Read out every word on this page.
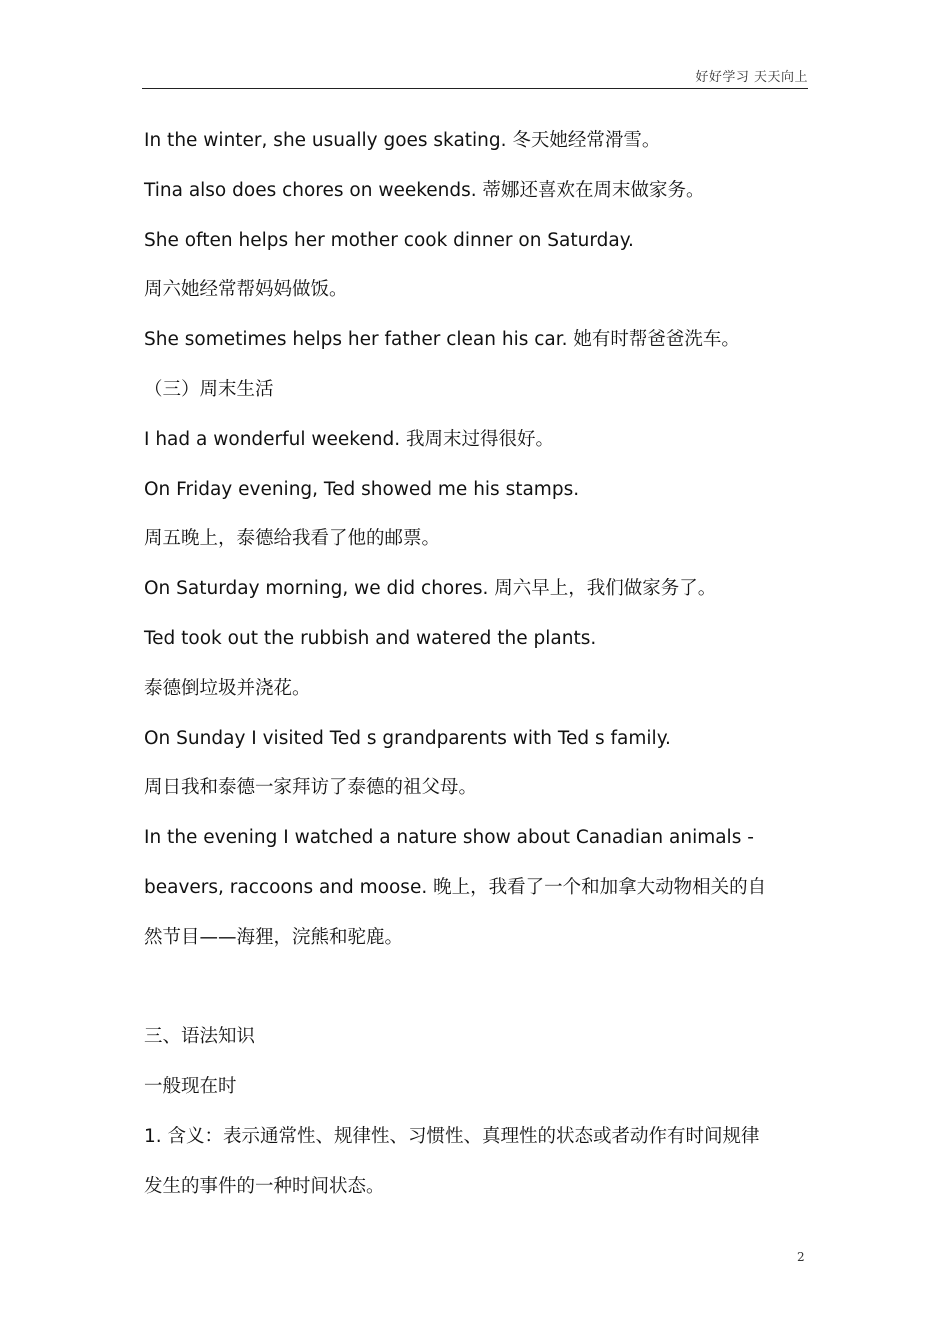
好好学习 天天向上
In the winter, she usually goes skating. 冬天她经常滑雪。
Tina also does chores on weekends. 蒂娜还喜欢在周末做家务。
She often helps her mother cook dinner on Saturday.
周六她经常帮妈妈做饭。
She sometimes helps her father clean his car. 她有时帮爸爸洗车。
（三）周末生活
I had a wonderful weekend. 我周末过得很好。
On Friday evening, Ted showed me his stamps.
周五晚上，泰德给我看了他的邮票。
On Saturday morning, we did chores. 周六早上，我们做家务了。
Ted took out the rubbish and watered the plants.
泰德倒垃圾并浇花。
On Sunday I visited Ted s grandparents with Ted s family.
周日我和泰德一家拜访了泰德的祖父母。
In the evening I watched a nature show about Canadian animals -
beavers, raccoons and moose. 晚上，我看了一个和加拿大动物相关的自
然节目——海狸，浣熊和驼鹿。
三、语法知识
一般现在时
1. 含义：表示通常性、规律性、习惯性、真理性的状态或者动作有时间规律
发生的事件的一种时间状态。
2
